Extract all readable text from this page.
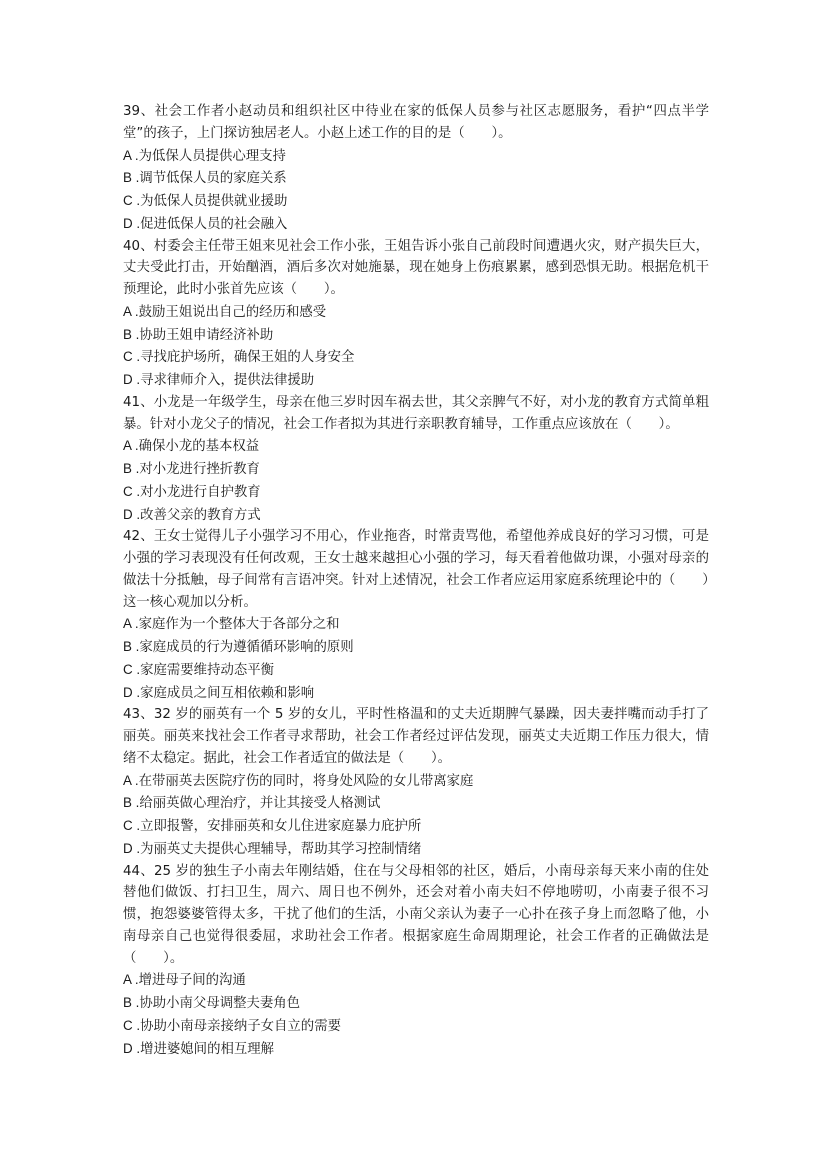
39、社会工作者小赵动员和组织社区中待业在家的低保人员参与社区志愿服务，看护“四点半学堂”的孩子，上门探访独居老人。小赵上述工作的目的是（　　）。

A .为低保人员提供心理支持
B .调节低保人员的家庭关系
C .为低保人员提供就业援助
D .促进低保人员的社会融入

40、村委会主任带王姐来见社会工作小张，王姐告诉小张自己前段时间遭遇火灾，财产损失巨大，丈夫受此打击，开始酗酒，酒后多次对她施暴，现在她身上伤痕累累，感到恐惧无助。根据危机干预理论，此时小张首先应该（　　）。

A .鼓励王姐说出自己的经历和感受
B .协助王姐申请经济补助
C .寻找庇护场所，确保王姐的人身安全
D .寻求律师介入，提供法律援助

41、小龙是一年级学生，母亲在他三岁时因车祸去世，其父亲脾气不好，对小龙的教育方式简单粗暴。针对小龙父子的情况，社会工作者拟为其进行亲职教育辅导，工作重点应该放在（　　）。

A .确保小龙的基本权益
B .对小龙进行挫折教育
C .对小龙进行自护教育
D .改善父亲的教育方式

42、王女士觉得儿子小强学习不用心，作业拖沓，时常责骂他，希望他养成良好的学习习惯，可是小强的学习表现没有任何改观，王女士越来越担心小强的学习，每天看着他做功课，小强对母亲的做法十分抵触，母子间常有言语冲突。针对上述情况，社会工作者应运用家庭系统理论中的（　　）这一核心观加以分析。

A .家庭作为一个整体大于各部分之和
B .家庭成员的行为遵循循环影响的原则
C .家庭需要维持动态平衡
D .家庭成员之间互相依赖和影响

43、32 岁的丽英有一个 5 岁的女儿，平时性格温和的丈夫近期脾气暴躁，因夫妻拌嘴而动手打了丽英。丽英来找社会工作者寻求帮助，社会工作者经过评估发现，丽英丈夫近期工作压力很大，情绪不太稳定。据此，社会工作者适宜的做法是（　　）。

A .在带丽英去医院疗伤的同时，将身处风险的女儿带离家庭
B .给丽英做心理治疗，并让其接受人格测试
C .立即报警，安排丽英和女儿住进家庭暴力庇护所
D .为丽英丈夫提供心理辅导，帮助其学习控制情绪

44、25 岁的独生子小南去年刚结婚，住在与父母相邻的社区，婚后，小南母亲每天来小南的住处替他们做饭、打扫卫生，周六、周日也不例外，还会对着小南夫妇不停地唠叨，小南妻子很不习惯，抱怨婆婆管得太多，干扰了他们的生活，小南父亲认为妻子一心扑在孩子身上而忽略了他，小南母亲自己也觉得很委屈，求助社会工作者。根据家庭生命周期理论，社会工作者的正确做法是（　　）。

A .增进母子间的沟通
B .协助小南父母调整夫妻角色
C .协助小南母亲接纳子女自立的需要
D .增进婆媳间的相互理解
